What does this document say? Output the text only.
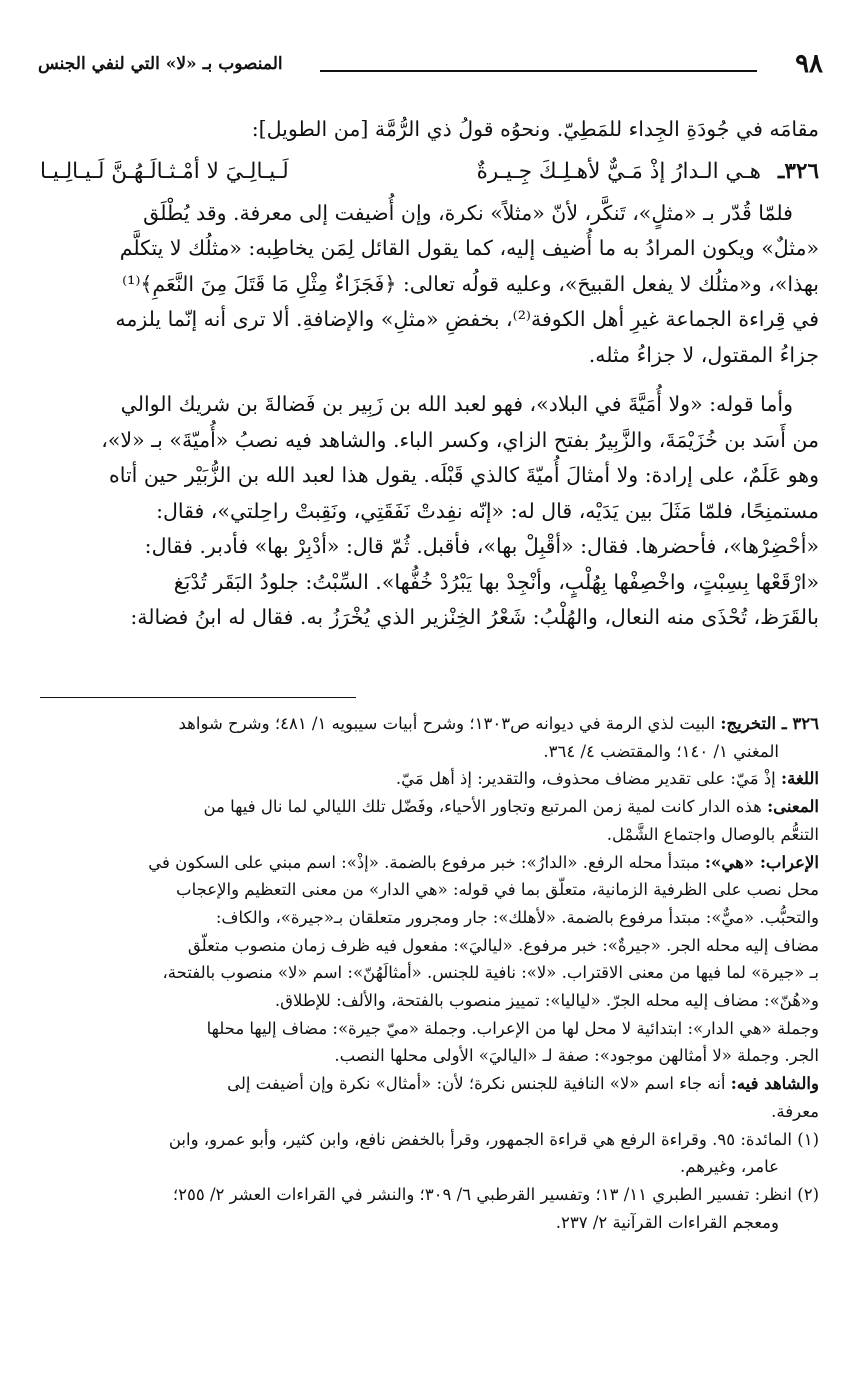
٩٨
المنصوب بـ «لا» التي لنفي الجنس

مقامَه في جُودَةِ الجِداء للمَطِيّ. ونحوُه قولُ ذي الرُّمَّة [من الطويل]:

٣٢٦ـ
هـي الـدارُ إذْ مَـيٌّ لأهـلِـكَ جِـيـرةٌ
لَـيـالِـيَ لا أمْـثـالَـهُـنَّ لَـيـالِـيـا

فلمّا قُدّر بـ «مثلٍ»، تَنكَّر، لأنّ «مثلاً» نكرة، وإن أُضيفت إلى معرفة. وقد يُطْلَق

«مثلٌ» ويكون المرادُ به ما أُضيف إليه، كما يقول القائل لِمَن يخاطِبه: «مثلُك لا يتكلَّم

بهذا»، و«مثلُك لا يفعل القبيحَ»، وعليه قولُه تعالى: ﴿فَجَزَاءٌ مِثْلِ مَا قَتَلَ مِنَ النَّعَمِ﴾⁽¹⁾

في قِراءة الجماعة غيرِ أهل الكوفة⁽²⁾، بخفضِ «مثلِ» والإضافةِ. ألا ترى أنه إنّما يلزمه

جزاءُ المقتول، لا جزاءُ مثله.

وأما قوله: «ولا أُمَيَّةَ في البلاد»، فهو لعبد الله بن زَبِير بن فَضالةَ بن شريك الوالي

من أَسَد بن خُزَيْمَةَ، والزَّبِيرُ بفتح الزاي، وكسر الباء. والشاهد فيه نصبُ «أُميّةَ» بـ «لا»،

وهو عَلَمٌ، على إرادة: ولا أمثالَ أُميّةَ كالذي قَبْلَه. يقول هذا لعبد الله بن الزُّبَيْر حين أتاه

مستمنِحًا، فلمّا مَثَلَ بين يَدَيْه، قال له: «إنّه نفِدتْ نَفَقَتِي، ونَقِبتْ راحِلتي»، فقال:

«أحْضِرْها»، فأحضرها. فقال: «أقْبِلْ بها»، فأقبل. ثُمّ قال: «أدْبِرْ بها» فأدبر. فقال:

«ارْقَعْها بِسِبْتٍ، واخْصِفْها بِهُلْبٍ، وأنْجِدْ بها يَبْرُدْ خُفُّها». السِّبْتُ: جلودُ البَقَر تُدْبَغ

بالقَرَظ، تُحْذَى منه النعال، والهُلْبُ: شَعْرُ الخِنْزير الذي يُخْرَزُ به. فقال له ابنُ فضالة:

٣٢٦ ـ التخريج: البيت لذي الرمة في ديوانه ص١٣٠٣؛ وشرح أبيات سيبويه ١/ ٤٨١؛ وشرح شواهد

المغني ١/ ١٤٠؛ والمقتضب ٤/ ٣٦٤.

اللغة: إذْ مَيّ: على تقدير مضاف محذوف، والتقدير: إذ أهل مَيّ.

المعنى: هذه الدار كانت لمية زمن المرتبع وتجاور الأحياء، وفَضّل تلك الليالي لما نال فيها من

التنعُّم بالوصال واجتماع الشَّمْل.

الإعراب: «هي»: مبتدأ محله الرفع. «الدارُ»: خبر مرفوع بالضمة. «إذْ»: اسم مبني على السكون في

محل نصب على الظرفية الزمانية، متعلّق بما في قوله: «هي الدار» من معنى التعظيم والإعجاب

والتحبُّب. «ميٌّ»: مبتدأ مرفوع بالضمة. «لأهلك»: جار ومجرور متعلقان بـ«جيرة»، والكاف:

مضاف إليه محله الجر. «جيرةٌ»: خبر مرفوع. «لياليَ»: مفعول فيه ظرف زمان منصوب متعلّق

بـ «جيرة» لما فيها من معنى الاقتراب. «لا»: نافية للجنس. «أمثالَهُنّ»: اسم «لا» منصوب بالفتحة،

و«هُنّ»: مضاف إليه محله الجرّ. «لياليا»: تمييز منصوب بالفتحة، والألف: للإطلاق.

وجملة «هي الدار»: ابتدائية لا محل لها من الإعراب. وجملة «ميّ جيرة»: مضاف إليها محلها

الجر. وجملة «لا أمثالهن موجود»: صفة لـ «الياليَ» الأولى محلها النصب.

والشاهد فيه: أنه جاء اسم «لا» النافية للجنس نكرة؛ لأن: «أمثال» نكرة وإن أضيفت إلى

معرفة.

(١) المائدة: ٩٥. وقراءة الرفع هي قراءة الجمهور، وقرأ بالخفض نافع، وابن كثير، وأبو عمرو، وابن

عامر، وغيرهم.

(٢) انظر: تفسير الطبري ١١/ ١٣؛ وتفسير القرطبي ٦/ ٣٠٩؛ والنشر في القراءات العشر ٢/ ٢٥٥؛

ومعجم القراءات القرآنية ٢/ ٢٣٧.
